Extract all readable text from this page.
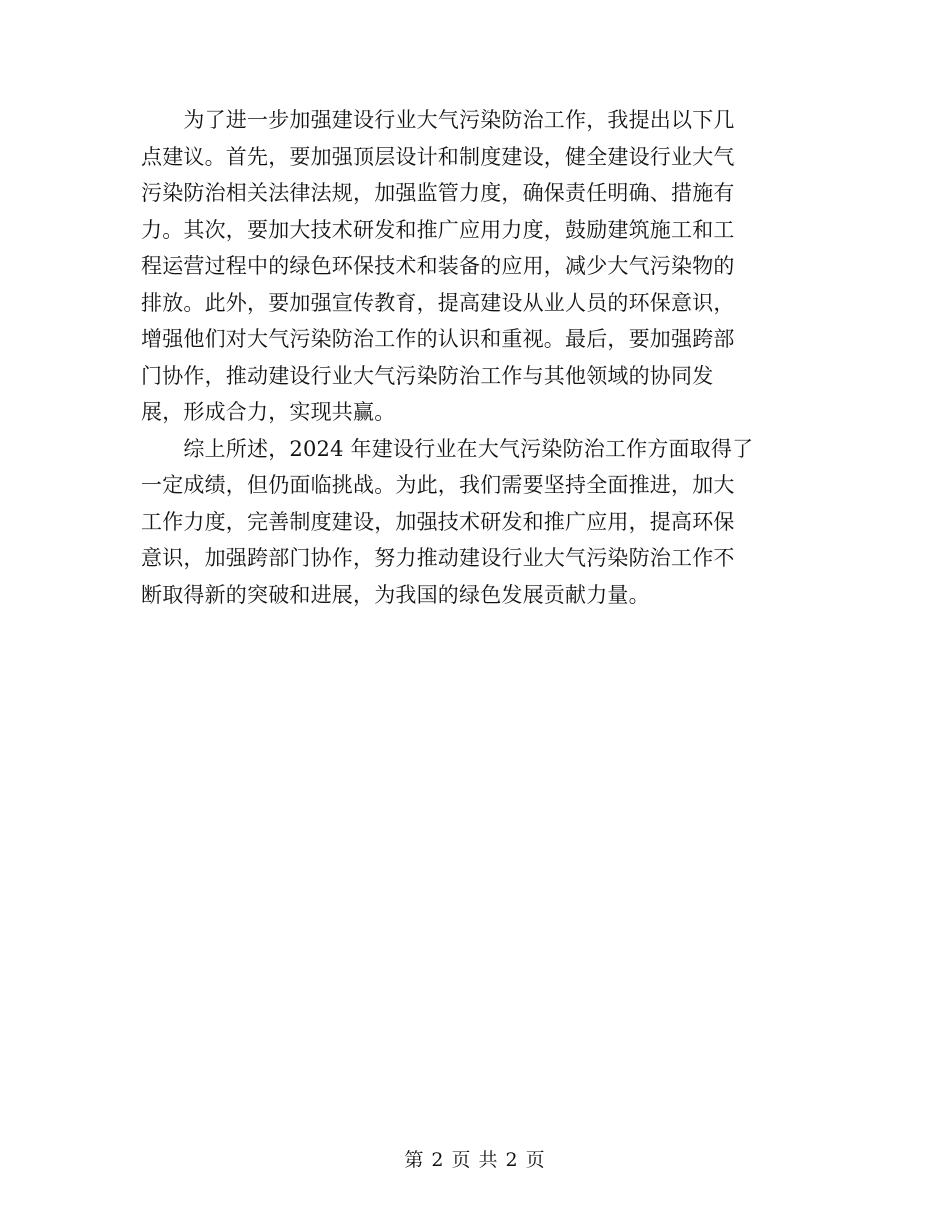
　　为了进一步加强建设行业大气污染防治工作，我提出以下几
点建议。首先，要加强顶层设计和制度建设，健全建设行业大气
污染防治相关法律法规，加强监管力度，确保责任明确、措施有
力。其次，要加大技术研发和推广应用力度，鼓励建筑施工和工
程运营过程中的绿色环保技术和装备的应用，减少大气污染物的
排放。此外，要加强宣传教育，提高建设从业人员的环保意识，
增强他们对大气污染防治工作的认识和重视。最后，要加强跨部
门协作，推动建设行业大气污染防治工作与其他领域的协同发
展，形成合力，实现共赢。
　　综上所述，2024 年建设行业在大气污染防治工作方面取得了
一定成绩，但仍面临挑战。为此，我们需要坚持全面推进，加大
工作力度，完善制度建设，加强技术研发和推广应用，提高环保
意识，加强跨部门协作，努力推动建设行业大气污染防治工作不
断取得新的突破和进展，为我国的绿色发展贡献力量。
第 2 页 共 2 页
